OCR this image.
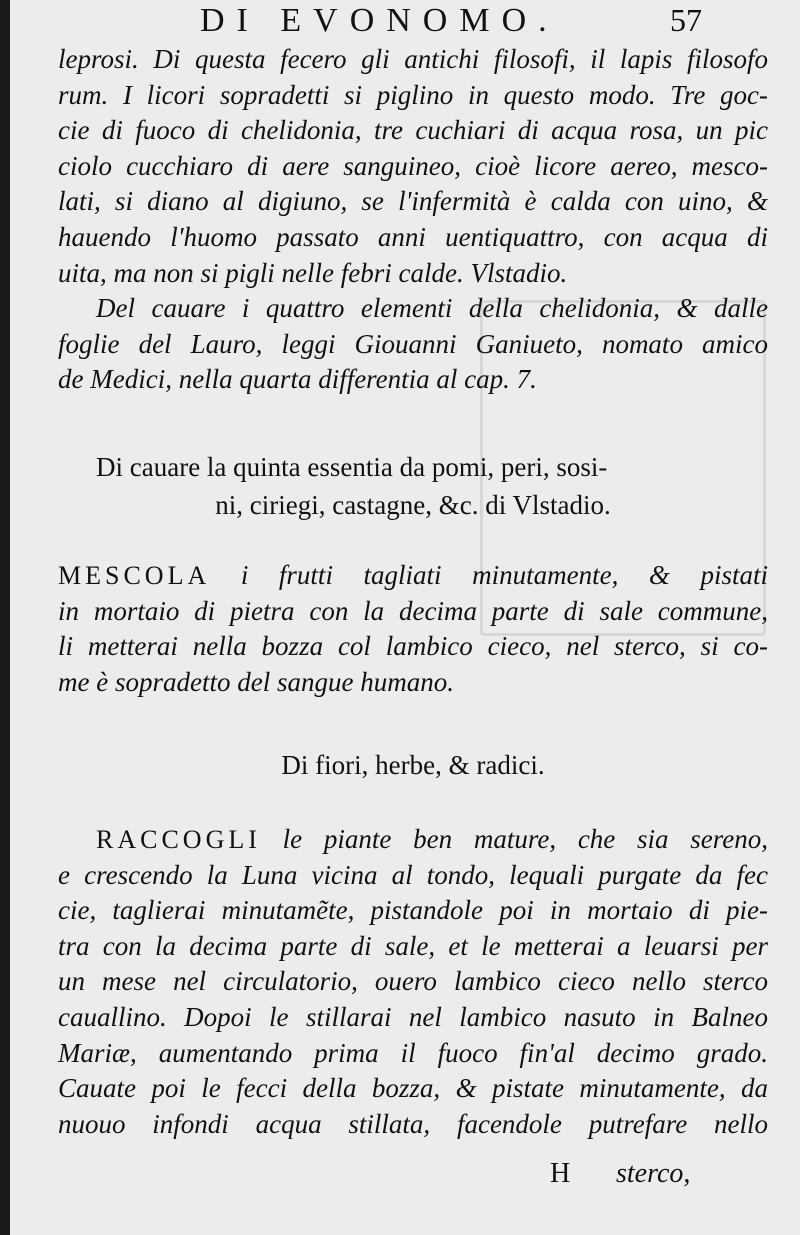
DI EVONOMO.	57
leprosi. Di questa fecero gli antichi filosofi, il lapis filosofo
rum. I licori sopradetti si piglino in questo modo. Tre goc-
cie di fuoco di chelidonia, tre cuchiari di acqua rosa, un pic
ciolo cucchiaro di aere sanguineo, cioè licore aereo, mesco-
lati, si diano al digiuno, se l'infermità è calda con uino, &
hauendo l'huomo passato anni uentiquattro, con acqua di
uita, ma non si pigli nelle febri calde. Vlstadio.
Del cauare i quattro elementi della chelidonia, & dalle
foglie del Lauro, leggi Giouanni Ganiueto, nomato amico
de Medici, nella quarta differentia al cap. 7.
Di cauare la quinta essentia da pomi, peri, sosi-
ni, ciriegi, castagne, &c. di Vlstadio.
MESCOLA i frutti tagliati minutamente, & pistati
in mortaio di pietra con la decima parte di sale commune,
li metterai nella bozza col lambico cieco, nel sterco, si co-
me è sopradetto del sangue humano.
Di fiori, herbe, & radici.
RACCOGLI le piante ben mature, che sia sereno,
e crescendo la Luna vicina al tondo, lequali purgate da fec
cie, taglierai minutamẽte, pistandole poi in mortaio di pie-
tra con la decima parte di sale, et le metterai a leuarsi per
un mese nel circulatorio, ouero lambico cieco nello sterco
cauallino. Dopoi le stillarai nel lambico nasuto in Balneo
Mariæ, aumentando prima il fuoco fin'al decimo grado.
Cauate poi le fecci della bozza, & pistate minutamente, da
nuouo infondi acqua stillata, facendole putrefare nello
H sterco,
